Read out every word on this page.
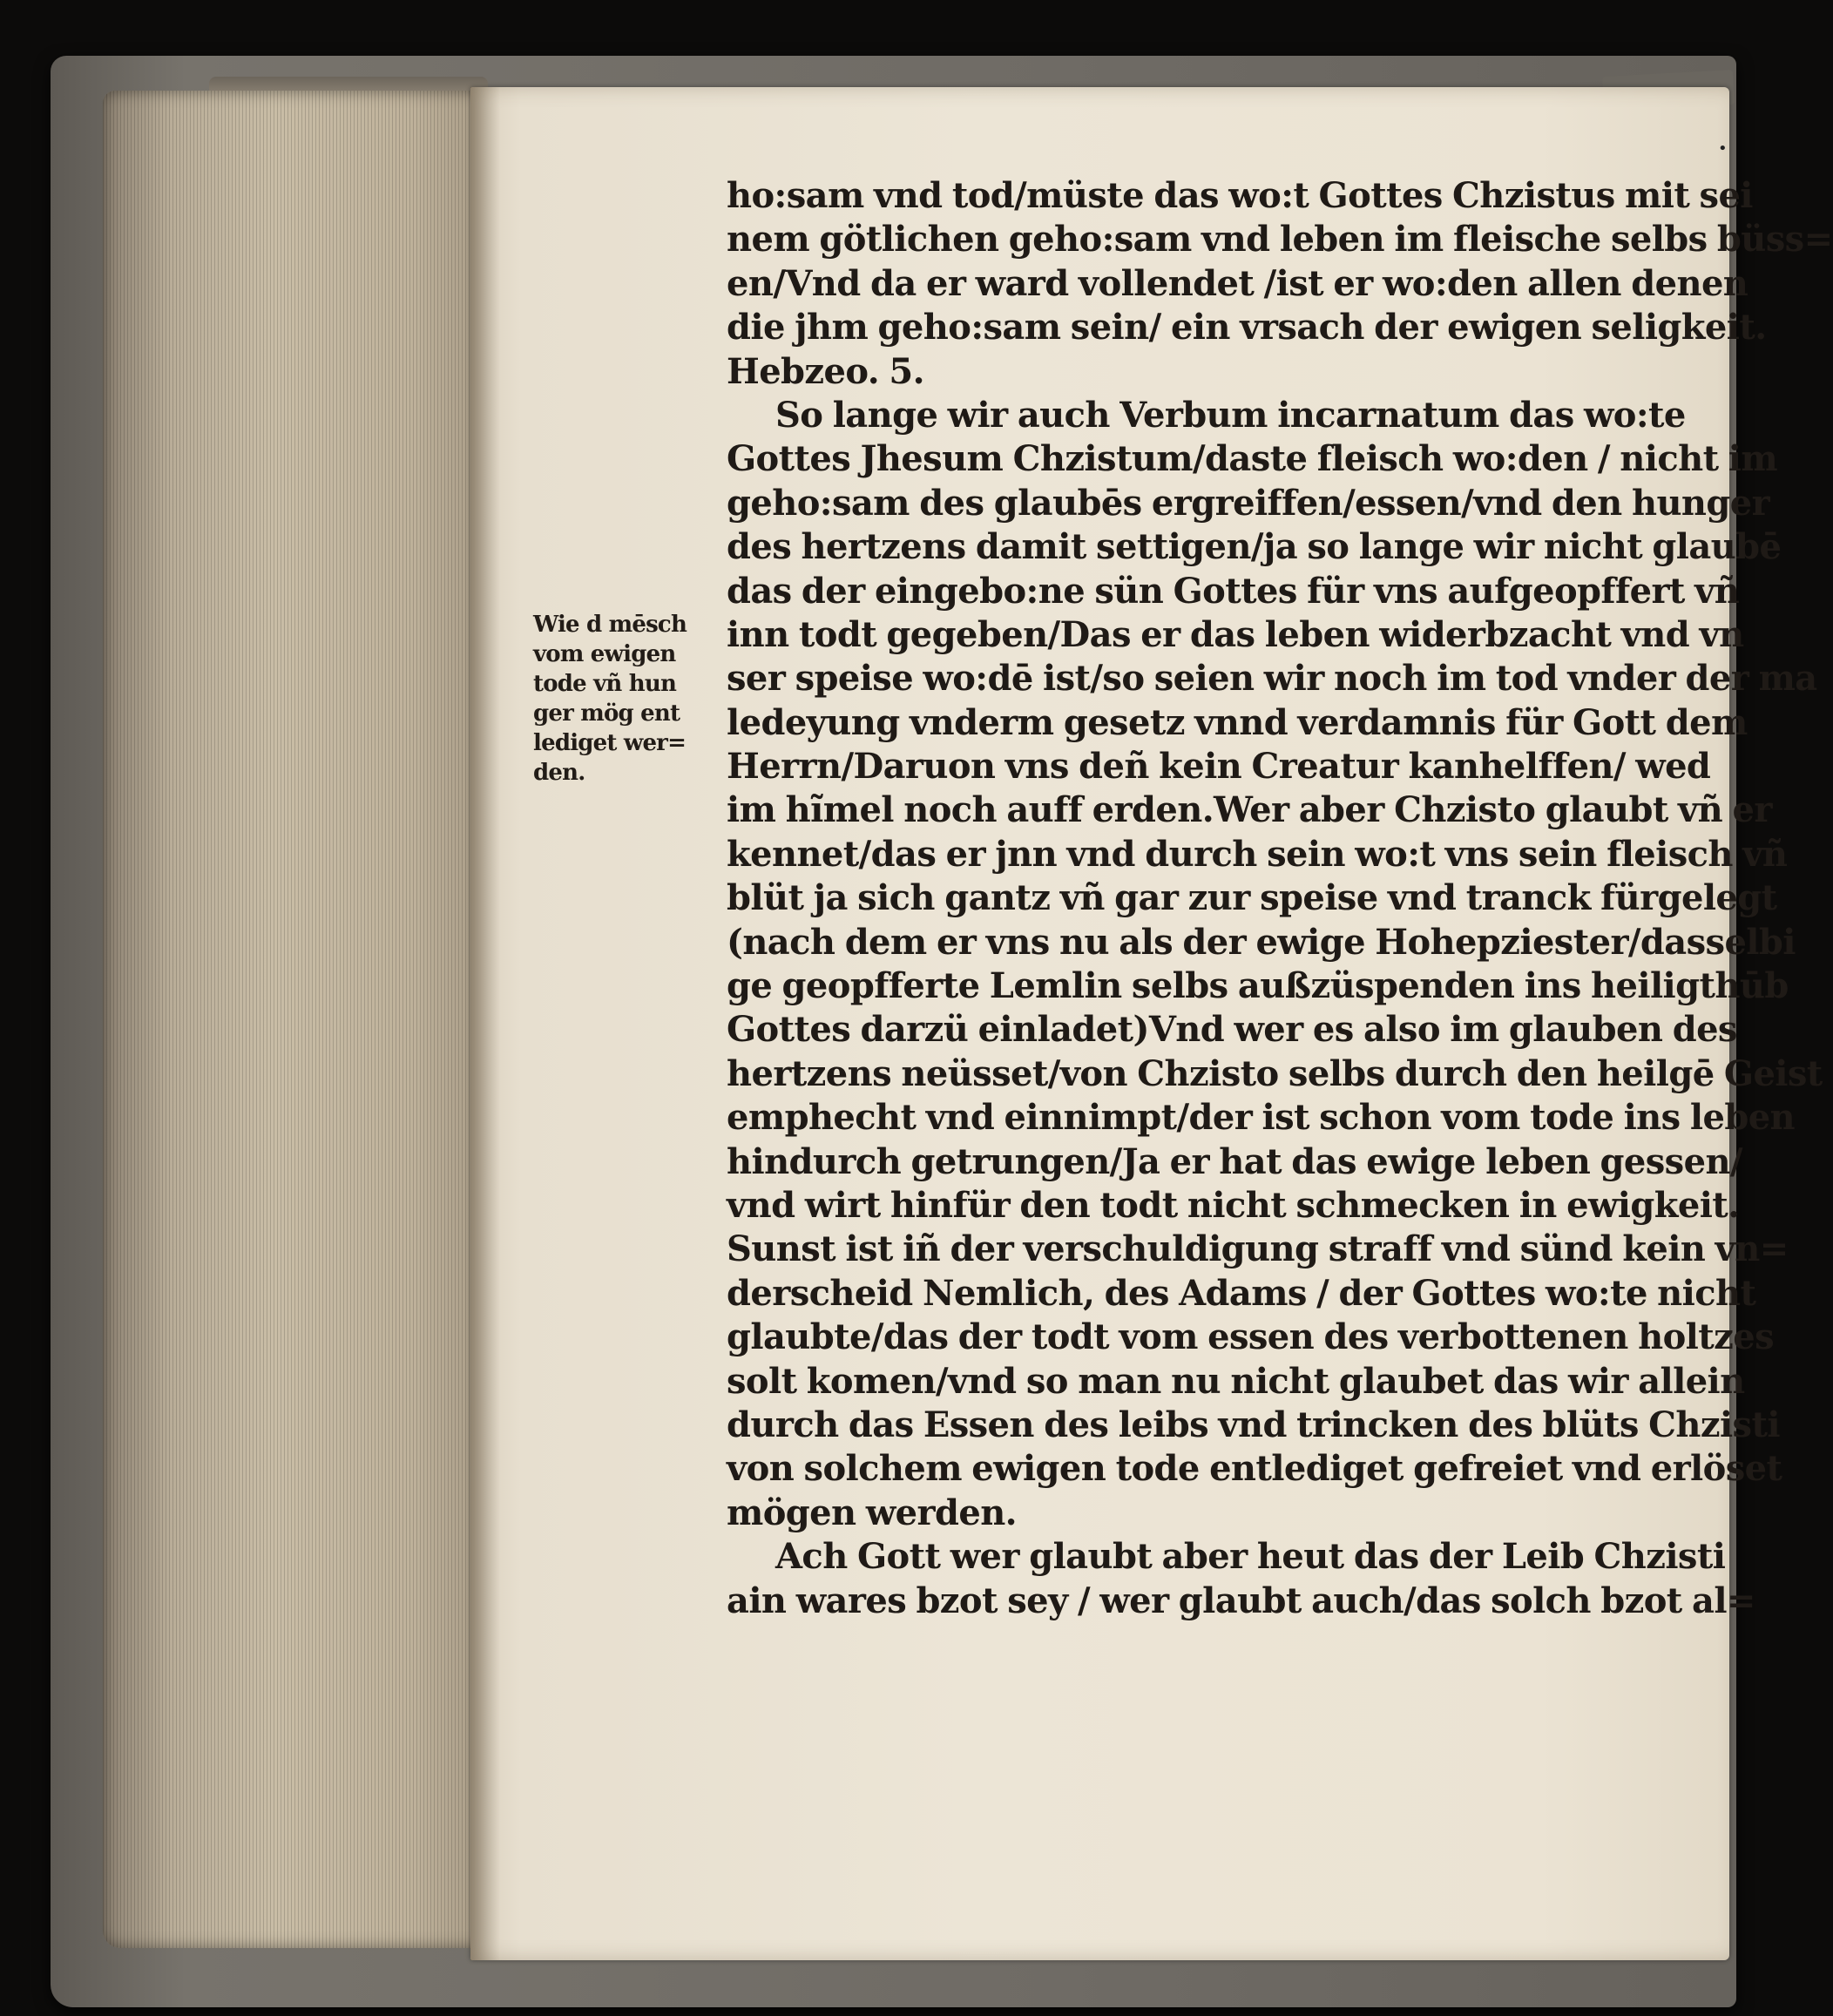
•
Wie d mēsch
vom ewigen
tode vñ hun
ger mög ent
lediget wer=
den.
ho:sam vnd tod/müste das wo:t Gottes Chzistus mit sei
nem götlichen geho:sam vnd leben im fleische selbs büss=
en/Vnd da er ward vollendet /ist er wo:den allen denen
die jhm geho:sam sein/ ein vrsach der ewigen seligkeit.
Hebzeo. 5.
So lange wir auch Verbum incarnatum das wo:te
Gottes Jhesum Chzistum/daste fleisch wo:den / nicht im
geho:sam des glaubēs ergreiffen/essen/vnd den hunger
des hertzens damit settigen/ja so lange wir nicht glaubē
das der eingebo:ne sün Gottes für vns aufgeopffert vñ
inn todt gegeben/Das er das leben widerbzacht vnd vn
ser speise wo:dē ist/so seien wir noch im tod vnder der ma
ledeyung vnderm gesetz vnnd verdamnis für Gott dem
Herrn/Daruon vns deñ kein Creatur kanhelffen/ wed
im hĩmel noch auff erden.Wer aber Chzisto glaubt vñ er
kennet/das er jnn vnd durch sein wo:t vns sein fleisch vñ
blüt ja sich gantz vñ gar zur speise vnd tranck fürgelegt
(nach dem er vns nu als der ewige Hohepziester/dasselbi
ge geopfferte Lemlin selbs außzüspenden ins heiligthūb
Gottes darzü einladet)Vnd wer es also im glauben des
hertzens neüsset/von Chzisto selbs durch den heilgē Geist
emphecht vnd einnimpt/der ist schon vom tode ins leben
hindurch getrungen/Ja er hat das ewige leben gessen/
vnd wirt hinfür den todt nicht schmecken in ewigkeit.
Sunst ist iñ der verschuldigung straff vnd sünd kein vn=
derscheid Nemlich, des Adams / der Gottes wo:te nicht
glaubte/das der todt vom essen des verbottenen holtzes
solt komen/vnd so man nu nicht glaubet das wir allein
durch das Essen des leibs vnd trincken des blüts Chzisti
von solchem ewigen tode entlediget gefreiet vnd erlöset
mögen werden.
Ach Gott wer glaubt aber heut das der Leib Chzisti
ain wares bzot sey / wer glaubt auch/das solch bzot al=
